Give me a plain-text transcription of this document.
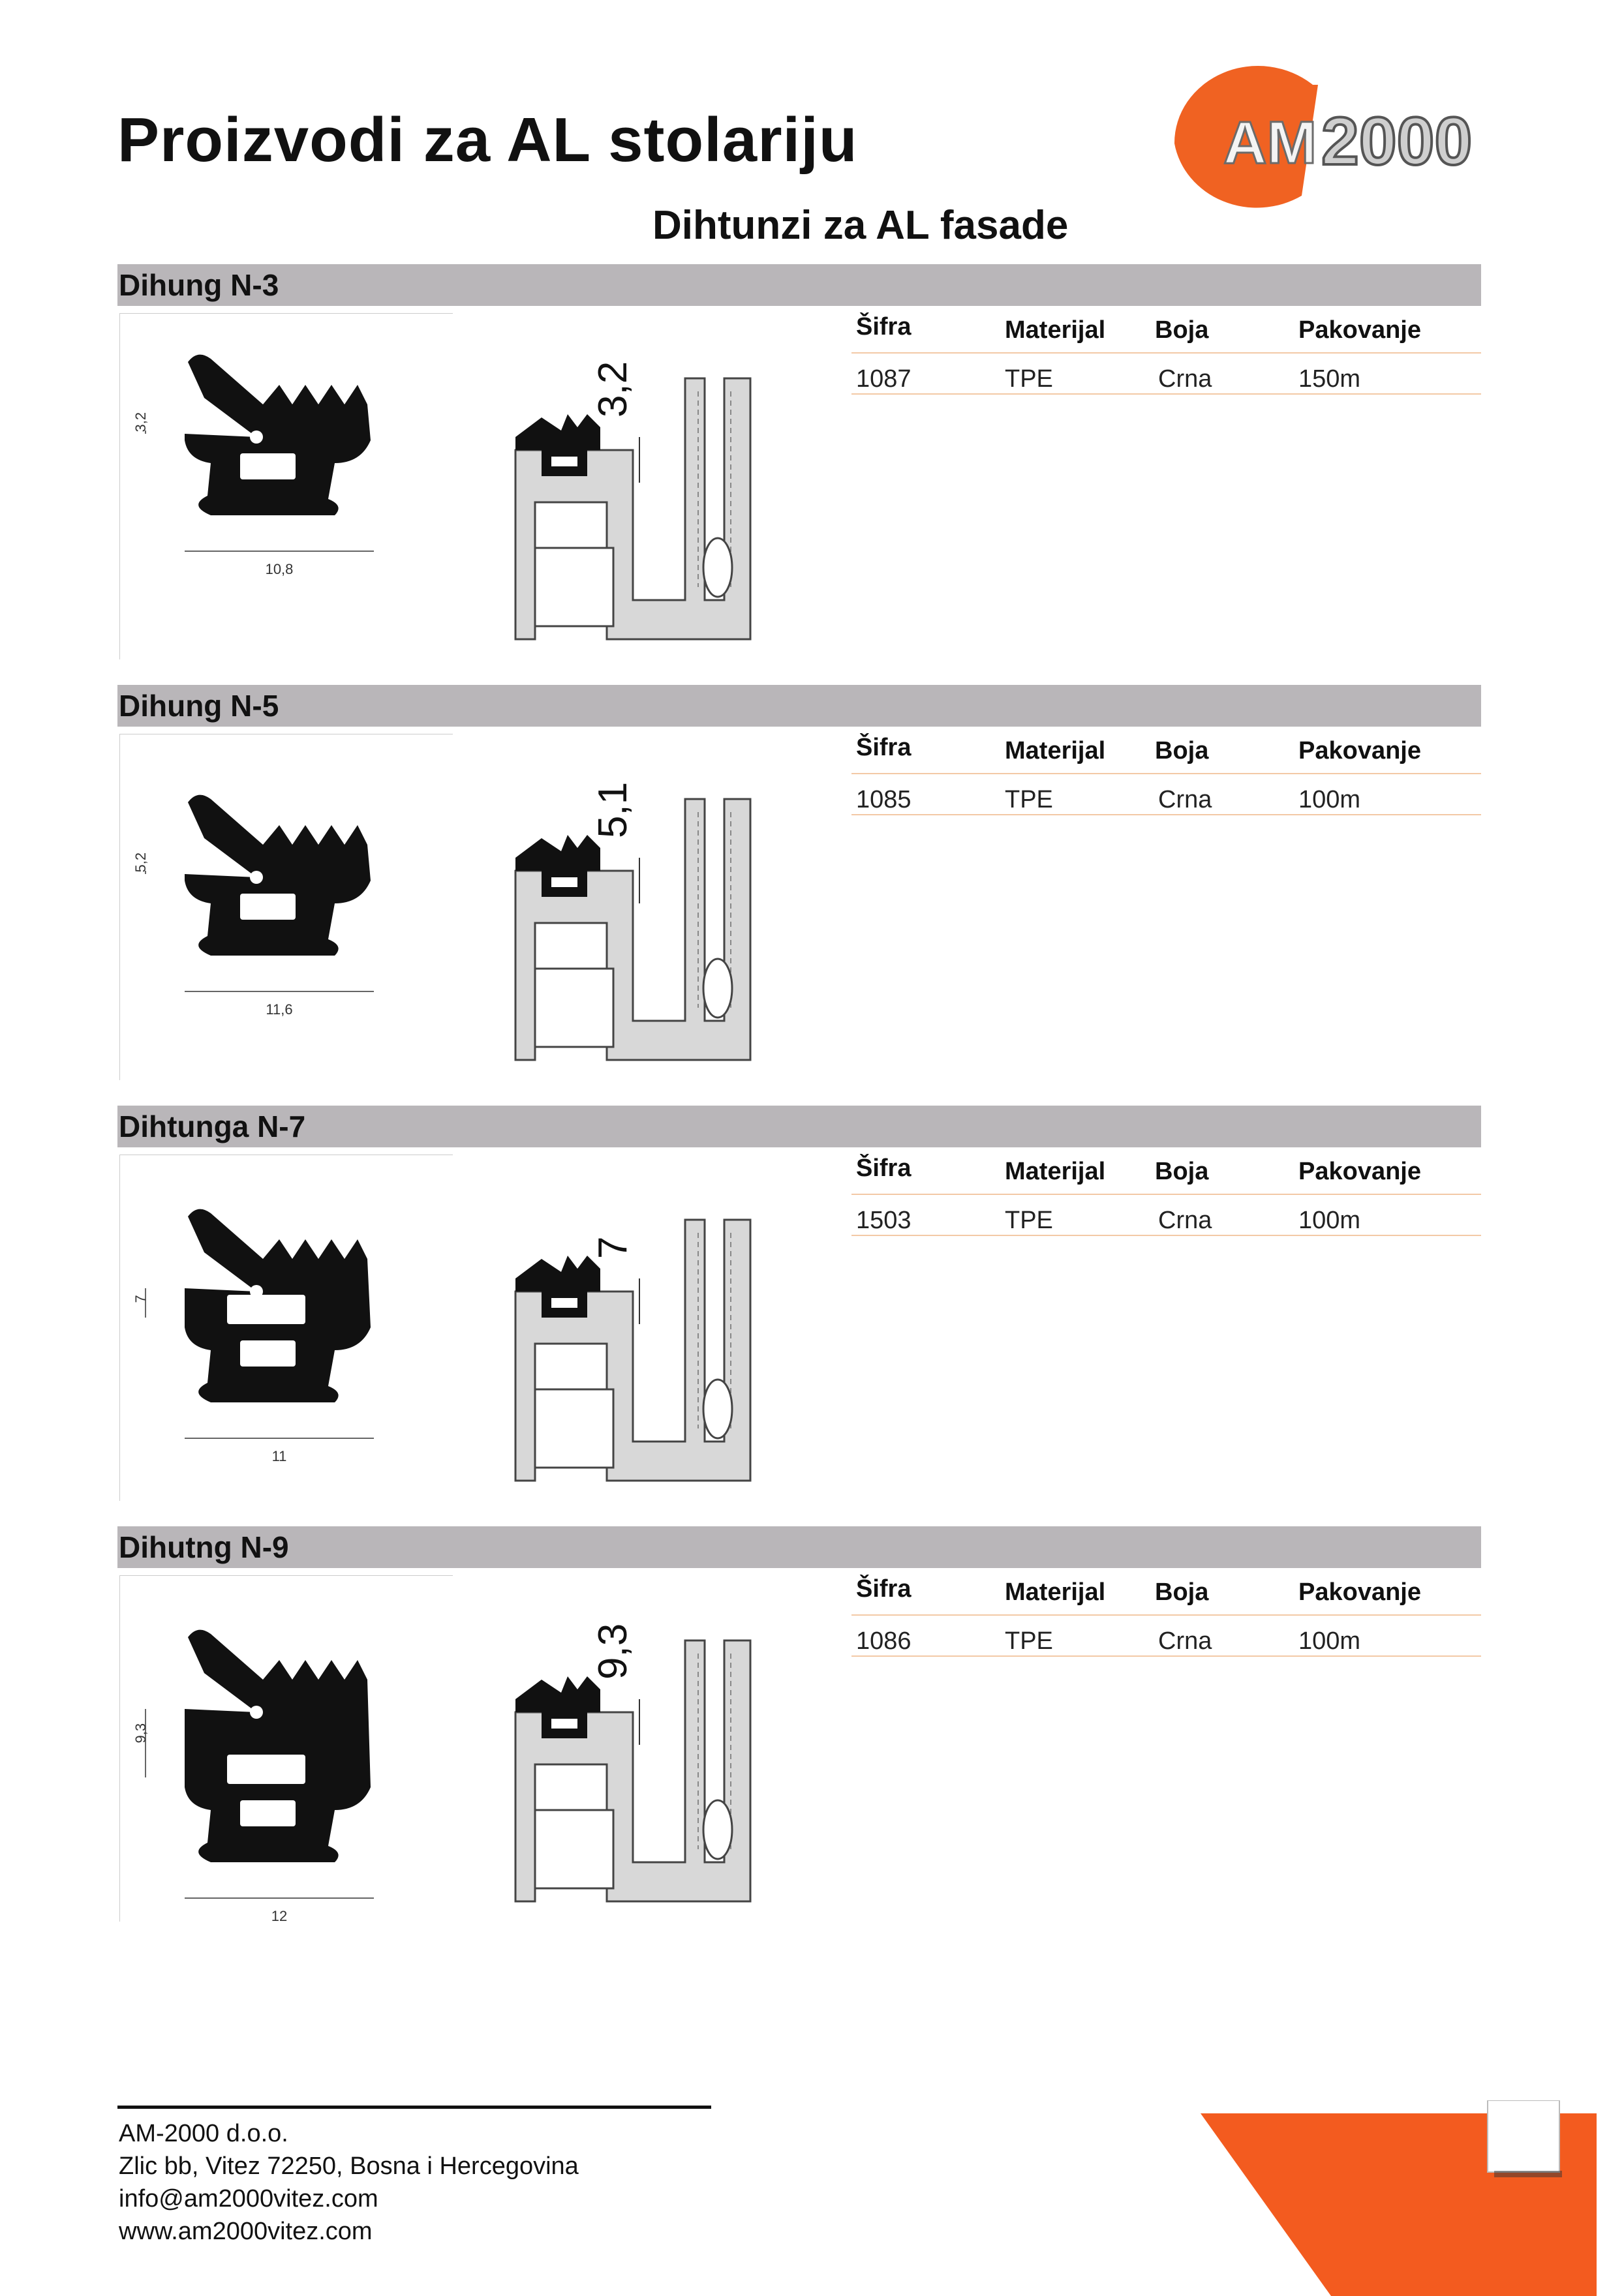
Proizvodi za AL stolariju
Dihtunzi za AL fasade
AM 2000
Dihung N-3
3,2
10,8
3,2
Šifra	Materijal Boja	Pakovanje
1087	TPE	Crna	150m
Dihung N-5
5,2
11,6
5,1
Šifra	Materijal Boja	Pakovanje
1085	TPE	Crna	100m
Dihtunga N-7
7
11
7
Šifra	Materijal Boja	Pakovanje
1503	TPE	Crna	100m
Dihutng N-9
9,3
12
9,3
Šifra	Materijal Boja	Pakovanje
1086	TPE	Crna	100m
AM-2000 d.o.o.
Zlic bb, Vitez 72250, Bosna i Hercegovina
info@am2000vitez.com
www.am2000vitez.com
